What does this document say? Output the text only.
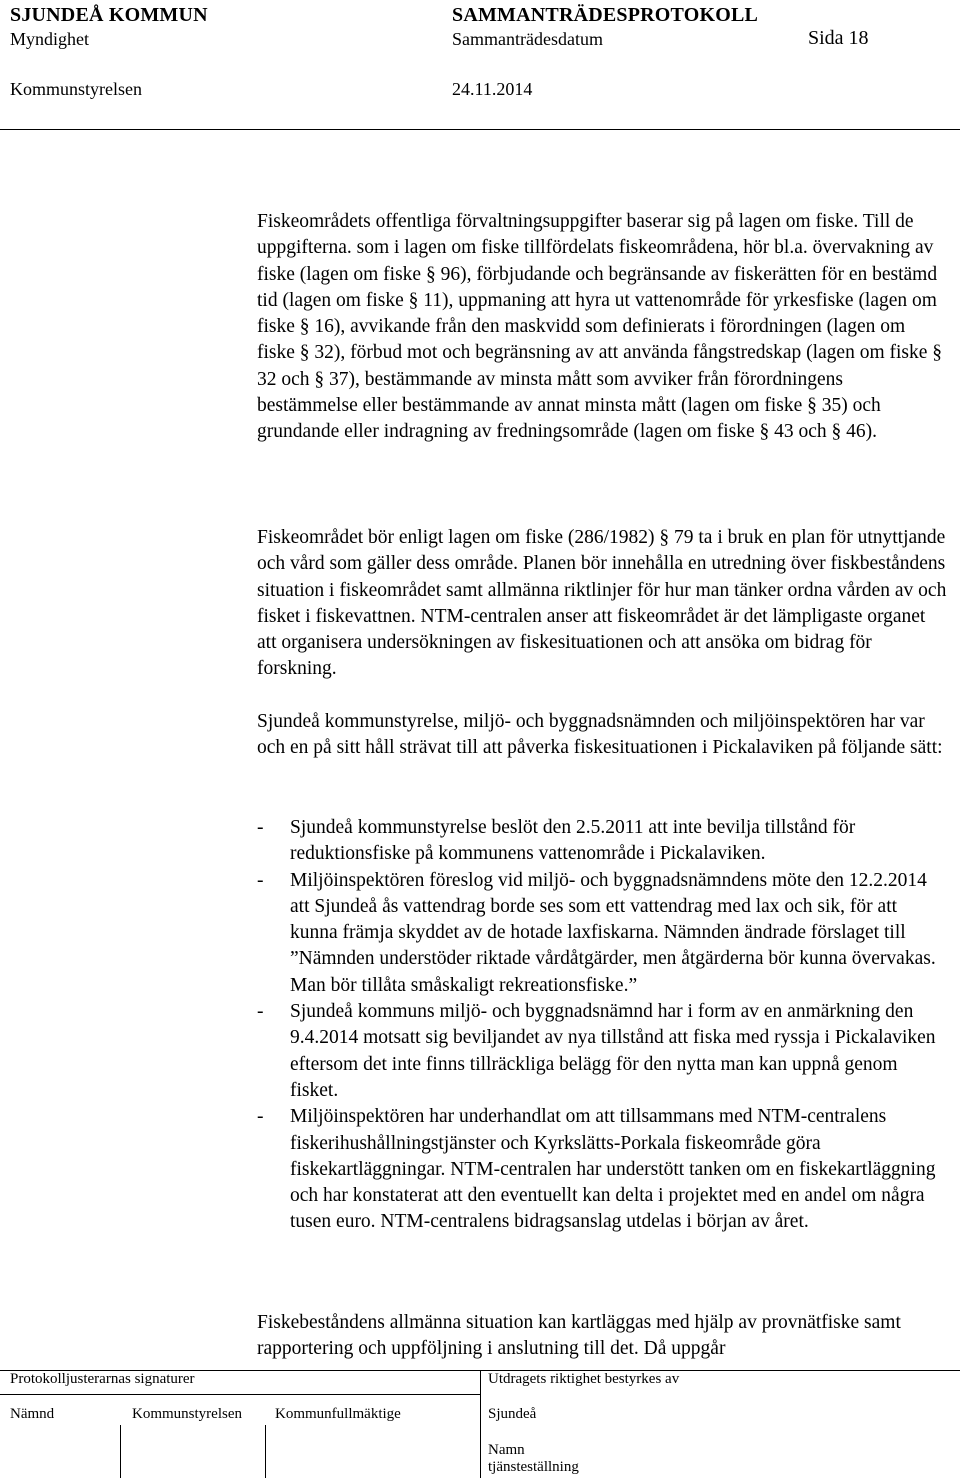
SJUNDEÅ KOMMUN	SAMMANTRÄDESPROTOKOLL
Myndighet	Sammanträdesdatum	Sida 18
Kommunstyrelsen	24.11.2014

Fiskeområdets offentliga förvaltningsuppgifter baserar sig på lagen om fiske. Till de uppgifterna. som i lagen om fiske tillfördelats fiskeområdena, hör bl.a. övervakning av fiske (lagen om fiske § 96), förbjudande och begränsande av fiskerätten för en bestämd tid (lagen om fiske § 11), uppmaning att hyra ut vattenområde för yrkesfiske (lagen om fiske § 16), avvikande från den maskvidd som definierats i förordningen (lagen om fiske § 32), förbud mot och begränsning av att använda fångstredskap (lagen om fiske § 32 och § 37), bestämmande av minsta mått som avviker från förordningens bestämmelse eller bestämmande av annat minsta mått (lagen om fiske § 35) och grundande eller indragning av fredningsområde (lagen om fiske § 43 och § 46).

Fiskeområdet bör enligt lagen om fiske (286/1982) § 79 ta i bruk en plan för utnyttjande och vård som gäller dess område. Planen bör innehålla en utredning över fiskbeståndens situation i fiskeområdet samt allmänna riktlinjer för hur man tänker ordna vården av och fisket i fiskevattnen. NTM-centralen anser att fiskeområdet är det lämpligaste organet att organisera undersökningen av fiskesituationen och att ansöka om bidrag för forskning.

Sjundeå kommunstyrelse, miljö- och byggnadsnämnden och miljöinspektören har var och en på sitt håll strävat till att påverka fiskesituationen i Pickalaviken på följande sätt:

- Sjundeå kommunstyrelse beslöt den 2.5.2011 att inte bevilja tillstånd för reduktionsfiske på kommunens vattenområde i Pickalaviken.
- Miljöinspektören föreslog vid miljö- och byggnadsnämndens möte den 12.2.2014 att Sjundeå ås vattendrag borde ses som ett vattendrag med lax och sik, för att kunna främja skyddet av de hotade laxfiskarna. Nämnden ändrade förslaget till ”Nämnden understöder riktade vårdåtgärder, men åtgärderna bör kunna övervakas. Man bör tillåta småskaligt rekreationsfiske.”
- Sjundeå kommuns miljö- och byggnadsnämnd har i form av en anmärkning den 9.4.2014 motsatt sig beviljandet av nya tillstånd att fiska med ryssja i Pickalaviken eftersom det inte finns tillräckliga belägg för den nytta man kan uppnå genom fisket.
- Miljöinspektören har underhandlat om att tillsammans med NTM-centralens fiskerihushållningstjänster och Kyrkslätts-Porkala fiskeområde göra fiskekartläggningar. NTM-centralen har understött tanken om en fiskekartläggning och har konstaterat att den eventuellt kan delta i projektet med en andel om några tusen euro. NTM-centralens bidragsanslag utdelas i början av året.

Fiskebeståndens allmänna situation kan kartläggas med hjälp av provnätfiske samt rapportering och uppföljning i anslutning till det. Då uppgår

Protokolljusterarnas signaturer	Utdragets riktighet bestyrkes av
Nämnd	Kommunstyrelsen Kommunfullmäktige	Sjundeå
Namn
tjänsteställning
